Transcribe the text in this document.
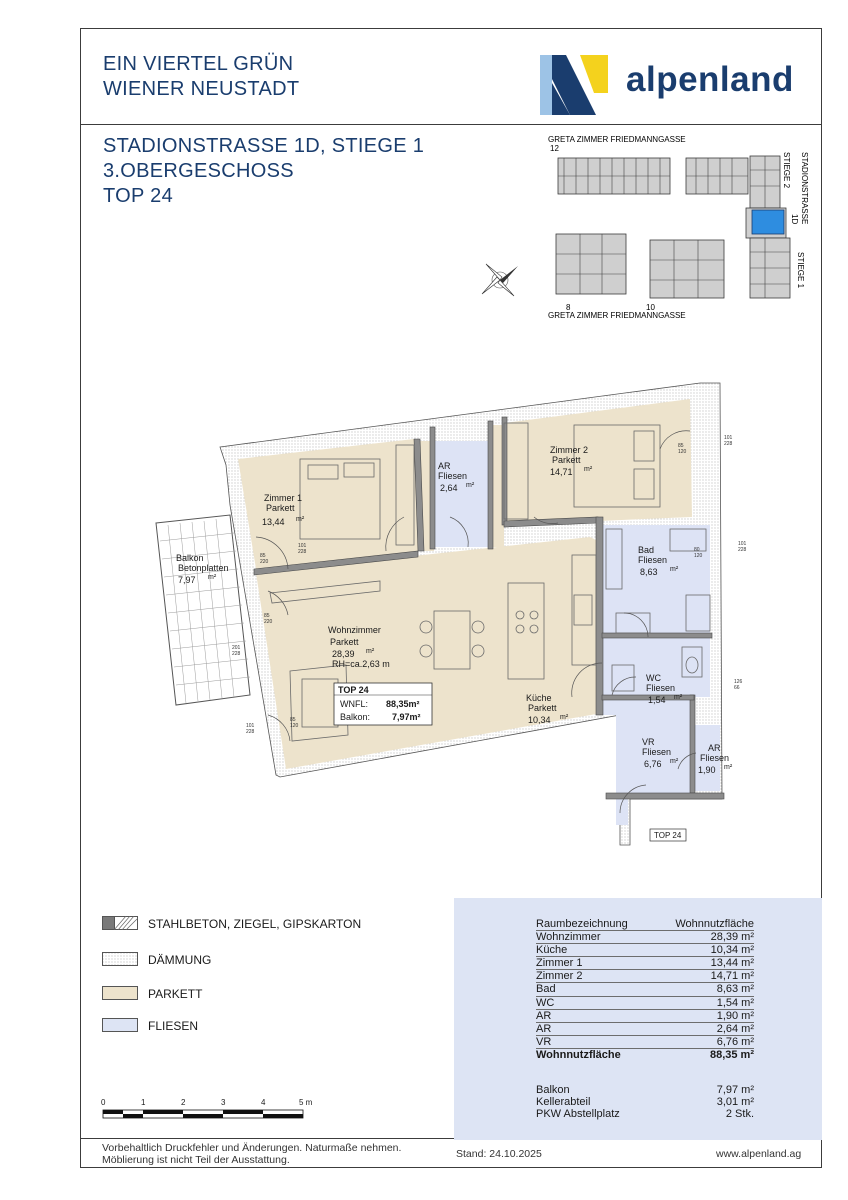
EIN VIERTEL GRÜN
WIENER NEUSTADT	alpenland
STADIONSTRASSE 1D, STIEGE 1
3.OBERGESCHOSS
TOP 24
GRETA ZIMMER FRIEDMANNGASSE
12
8	10
GRETA ZIMMER FRIEDMANNGASSE
STADIONSTRASSE
STIEGE 2
1D
STIEGE 1
85
220
101
228
101
228
201
228
101
228
101
228
126
66
85
220
85
120
85
120
80
120
Zimmer 1
Parkett
13,44 m²
AR
Fliesen
2,64 m²
Zimmer 2
Parkett
14,71 m²
Balkon
Betonplatten
7,97 m²
Bad
Fliesen
8,63 m²
Wohnzimmer
Parkett
28,39 m²
RH=ca.2,63 m
Küche
Parkett
10,34 m²
WC
Fliesen
1,54 m²
VR
Fliesen
6,76 m²
AR
Fliesen
1,90 m²
TOP 24
WNFL: 88,35m²
Balkon: 7,97m²
TOP 24
STAHLBETON, ZIEGEL, GIPSKARTON
DÄMMUNG
PARKETT
FLIESEN
0	1	2	3	4	5 m
Raumbezeichnung	Wohnnutzfläche
Wohnzimmer	28,39 m²
Küche	10,34 m²
Zimmer 1	13,44 m²
Zimmer 2	14,71 m²
Bad	8,63 m²
WC	1,54 m²
AR	1,90 m²
AR	2,64 m²
VR	6,76 m²
Wohnnutzfläche	88,35 m²
Balkon	7,97 m²
Kellerabteil	3,01 m²
PKW Abstellplatz	2 Stk.
Vorbehaltlich Druckfehler und Änderungen. Naturmaße nehmen.
Möblierung ist nicht Teil der Ausstattung.	Stand: 24.10.2025	www.alpenland.ag
